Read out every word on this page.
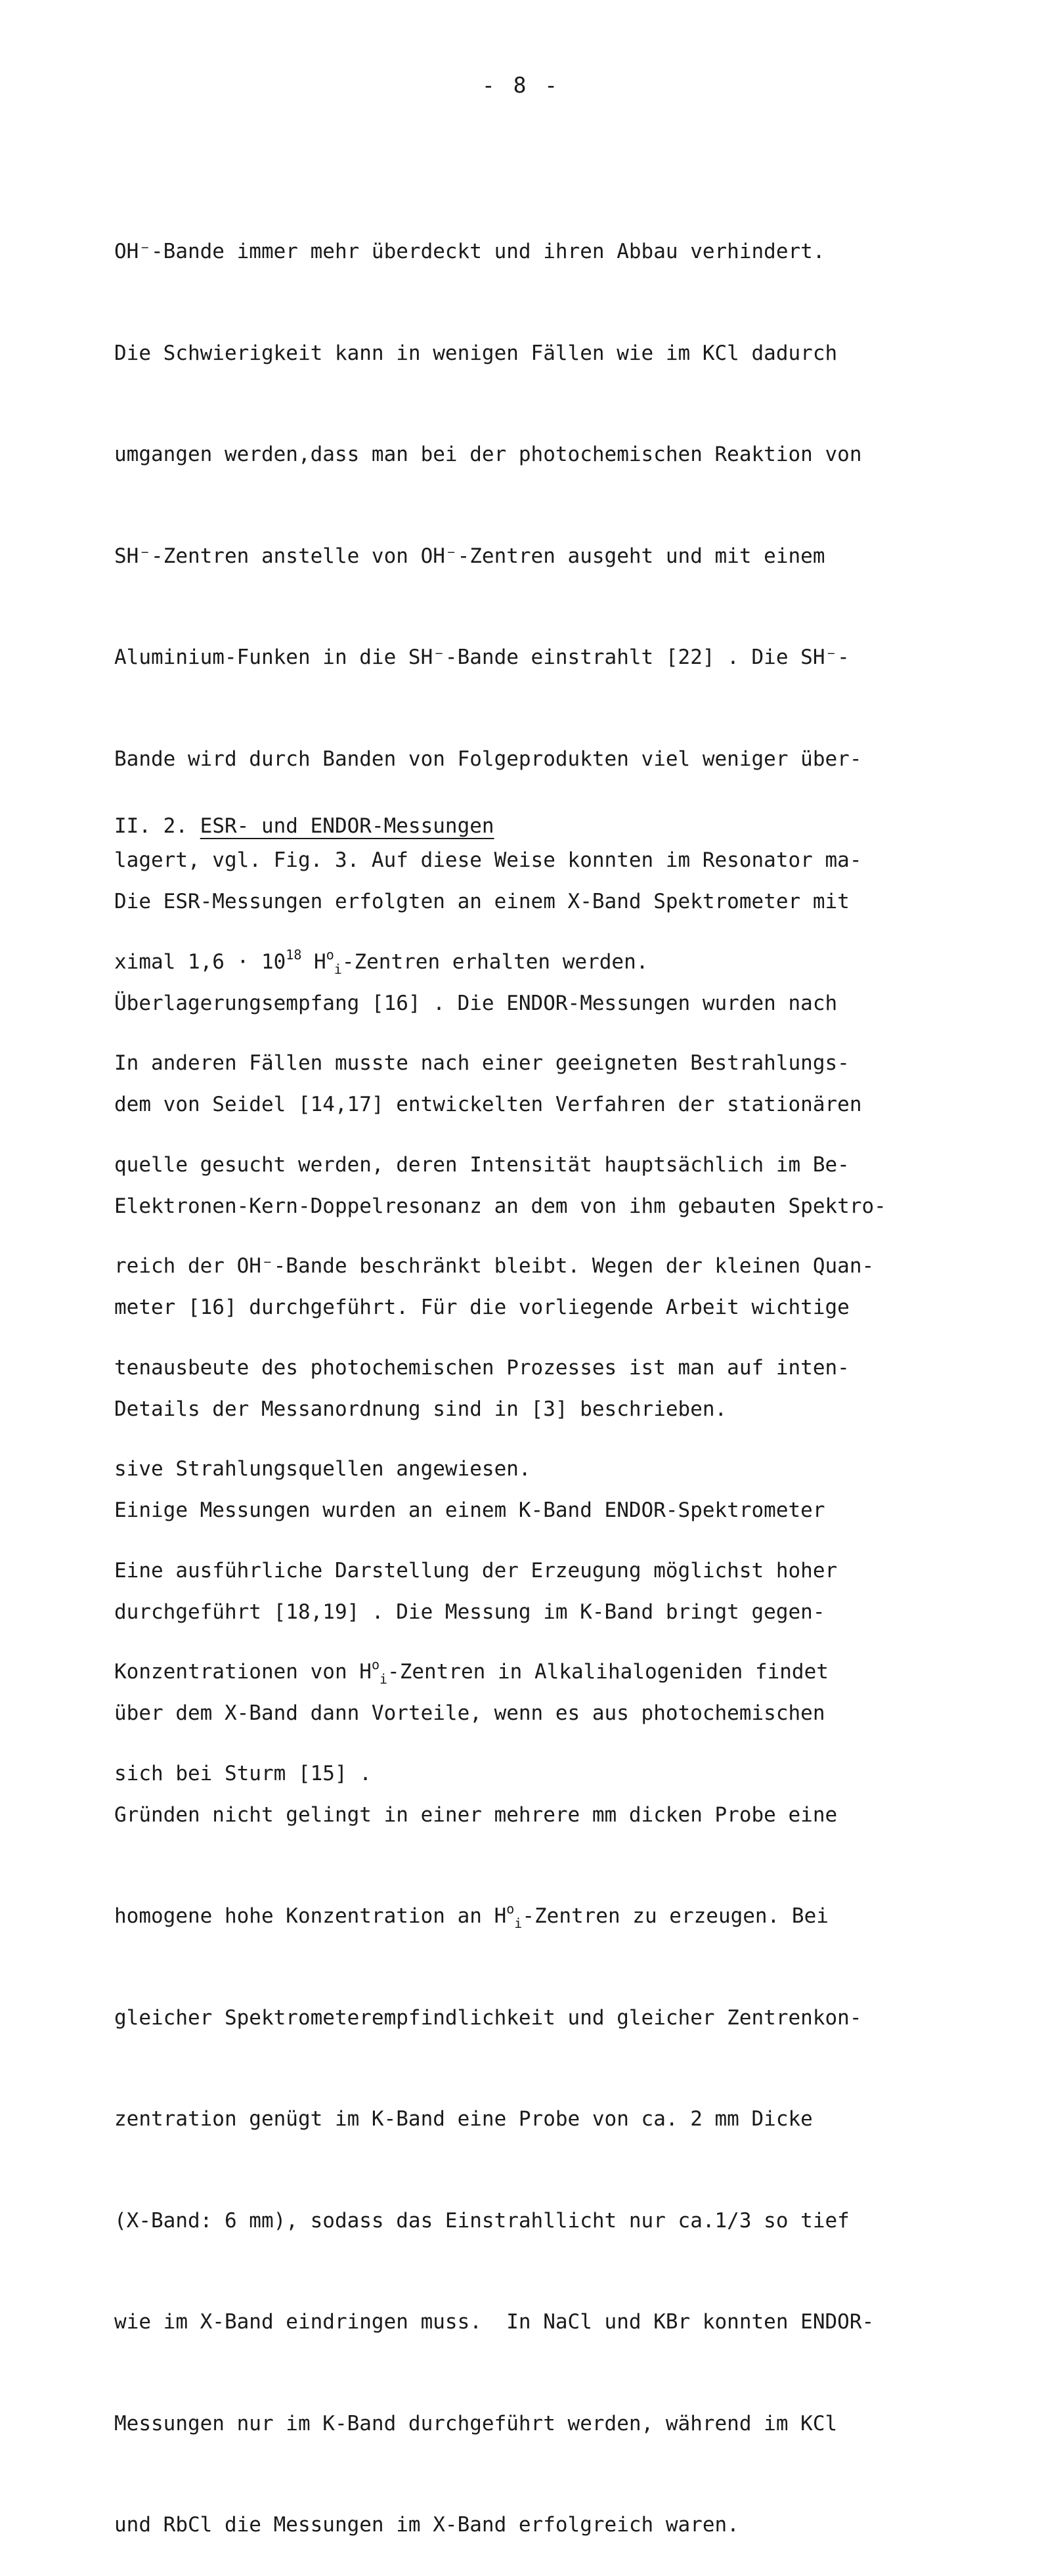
- 8 -

OH⁻-Bande immer mehr überdeckt und ihren Abbau verhindert.

Die Schwierigkeit kann in wenigen Fällen wie im KCl dadurch

umgangen werden,dass man bei der photochemischen Reaktion von

SH⁻-Zentren anstelle von OH⁻-Zentren ausgeht und mit einem

Aluminium-Funken in die SH⁻-Bande einstrahlt [22] . Die SH⁻-

Bande wird durch Banden von Folgeprodukten viel weniger über-

lagert, vgl. Fig. 3. Auf diese Weise konnten im Resonator ma-

ximal $1,6 \cdot 10^{18}$ $H^o_i$-Zentren erhalten werden.

In anderen Fällen musste nach einer geeigneten Bestrahlungs-

quelle gesucht werden, deren Intensität hauptsächlich im Be-

reich der OH⁻-Bande beschränkt bleibt. Wegen der kleinen Quan-

tenausbeute des photochemischen Prozesses ist man auf inten-

sive Strahlungsquellen angewiesen.

Eine ausführliche Darstellung der Erzeugung möglichst hoher

Konzentrationen von $H^o_i$-Zentren in Alkalihalogeniden findet

sich bei Sturm [15] .

II. 2. ESR- und ENDOR-Messungen

Die ESR-Messungen erfolgten an einem X-Band Spektrometer mit

Überlagerungsempfang [16] . Die ENDOR-Messungen wurden nach

dem von Seidel [14,17] entwickelten Verfahren der stationären

Elektronen-Kern-Doppelresonanz an dem von ihm gebauten Spektro-

meter [16] durchgeführt. Für die vorliegende Arbeit wichtige

Details der Messanordnung sind in [3] beschrieben.

Einige Messungen wurden an einem K-Band ENDOR-Spektrometer

durchgeführt [18,19] . Die Messung im K-Band bringt gegen-

über dem X-Band dann Vorteile, wenn es aus photochemischen

Gründen nicht gelingt in einer mehrere mm dicken Probe eine

homogene hohe Konzentration an $H^o_i$-Zentren zu erzeugen. Bei

gleicher Spektrometerempfindlichkeit und gleicher Zentrenkon-

zentration genügt im K-Band eine Probe von ca. 2 mm Dicke

(X-Band: 6 mm), sodass das Einstrahllicht nur ca.1/3 so tief

wie im X-Band eindringen muss.  In NaCl und KBr konnten ENDOR-

Messungen nur im K-Band durchgeführt werden, während im KCl

und RbCl die Messungen im X-Band erfolgreich waren.
